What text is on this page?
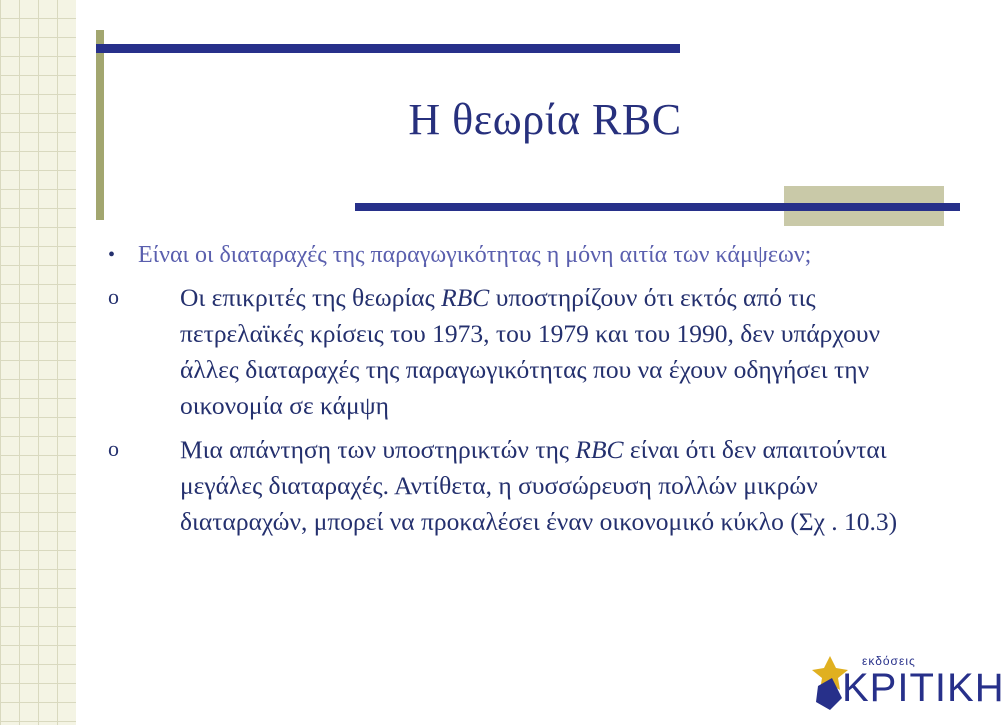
Η θεωρία RBC
• Είναι οι διαταραχές της παραγωγικότητας η μόνη αιτία των κάμψεων;
o	Οι επικριτές της θεωρίας RBC υποστηρίζουν ότι εκτός από τις πετρελαϊκές κρίσεις του 1973, του 1979 και του 1990, δεν υπάρχουν άλλες διαταραχές της παραγωγικότητας που να έχουν οδηγήσει την οικονομία σε κάμψη
o	Μια απάντηση των υποστηρικτών της RBC είναι ότι δεν απαιτούνται μεγάλες διαταραχές. Αντίθετα, η συσσώρευση πολλών μικρών διαταραχών, μπορεί να προκαλέσει έναν οικονομικό κύκλο (Σχ . 10.3)
εκδόσεις
ΚΡΙΤΙΚΗ
